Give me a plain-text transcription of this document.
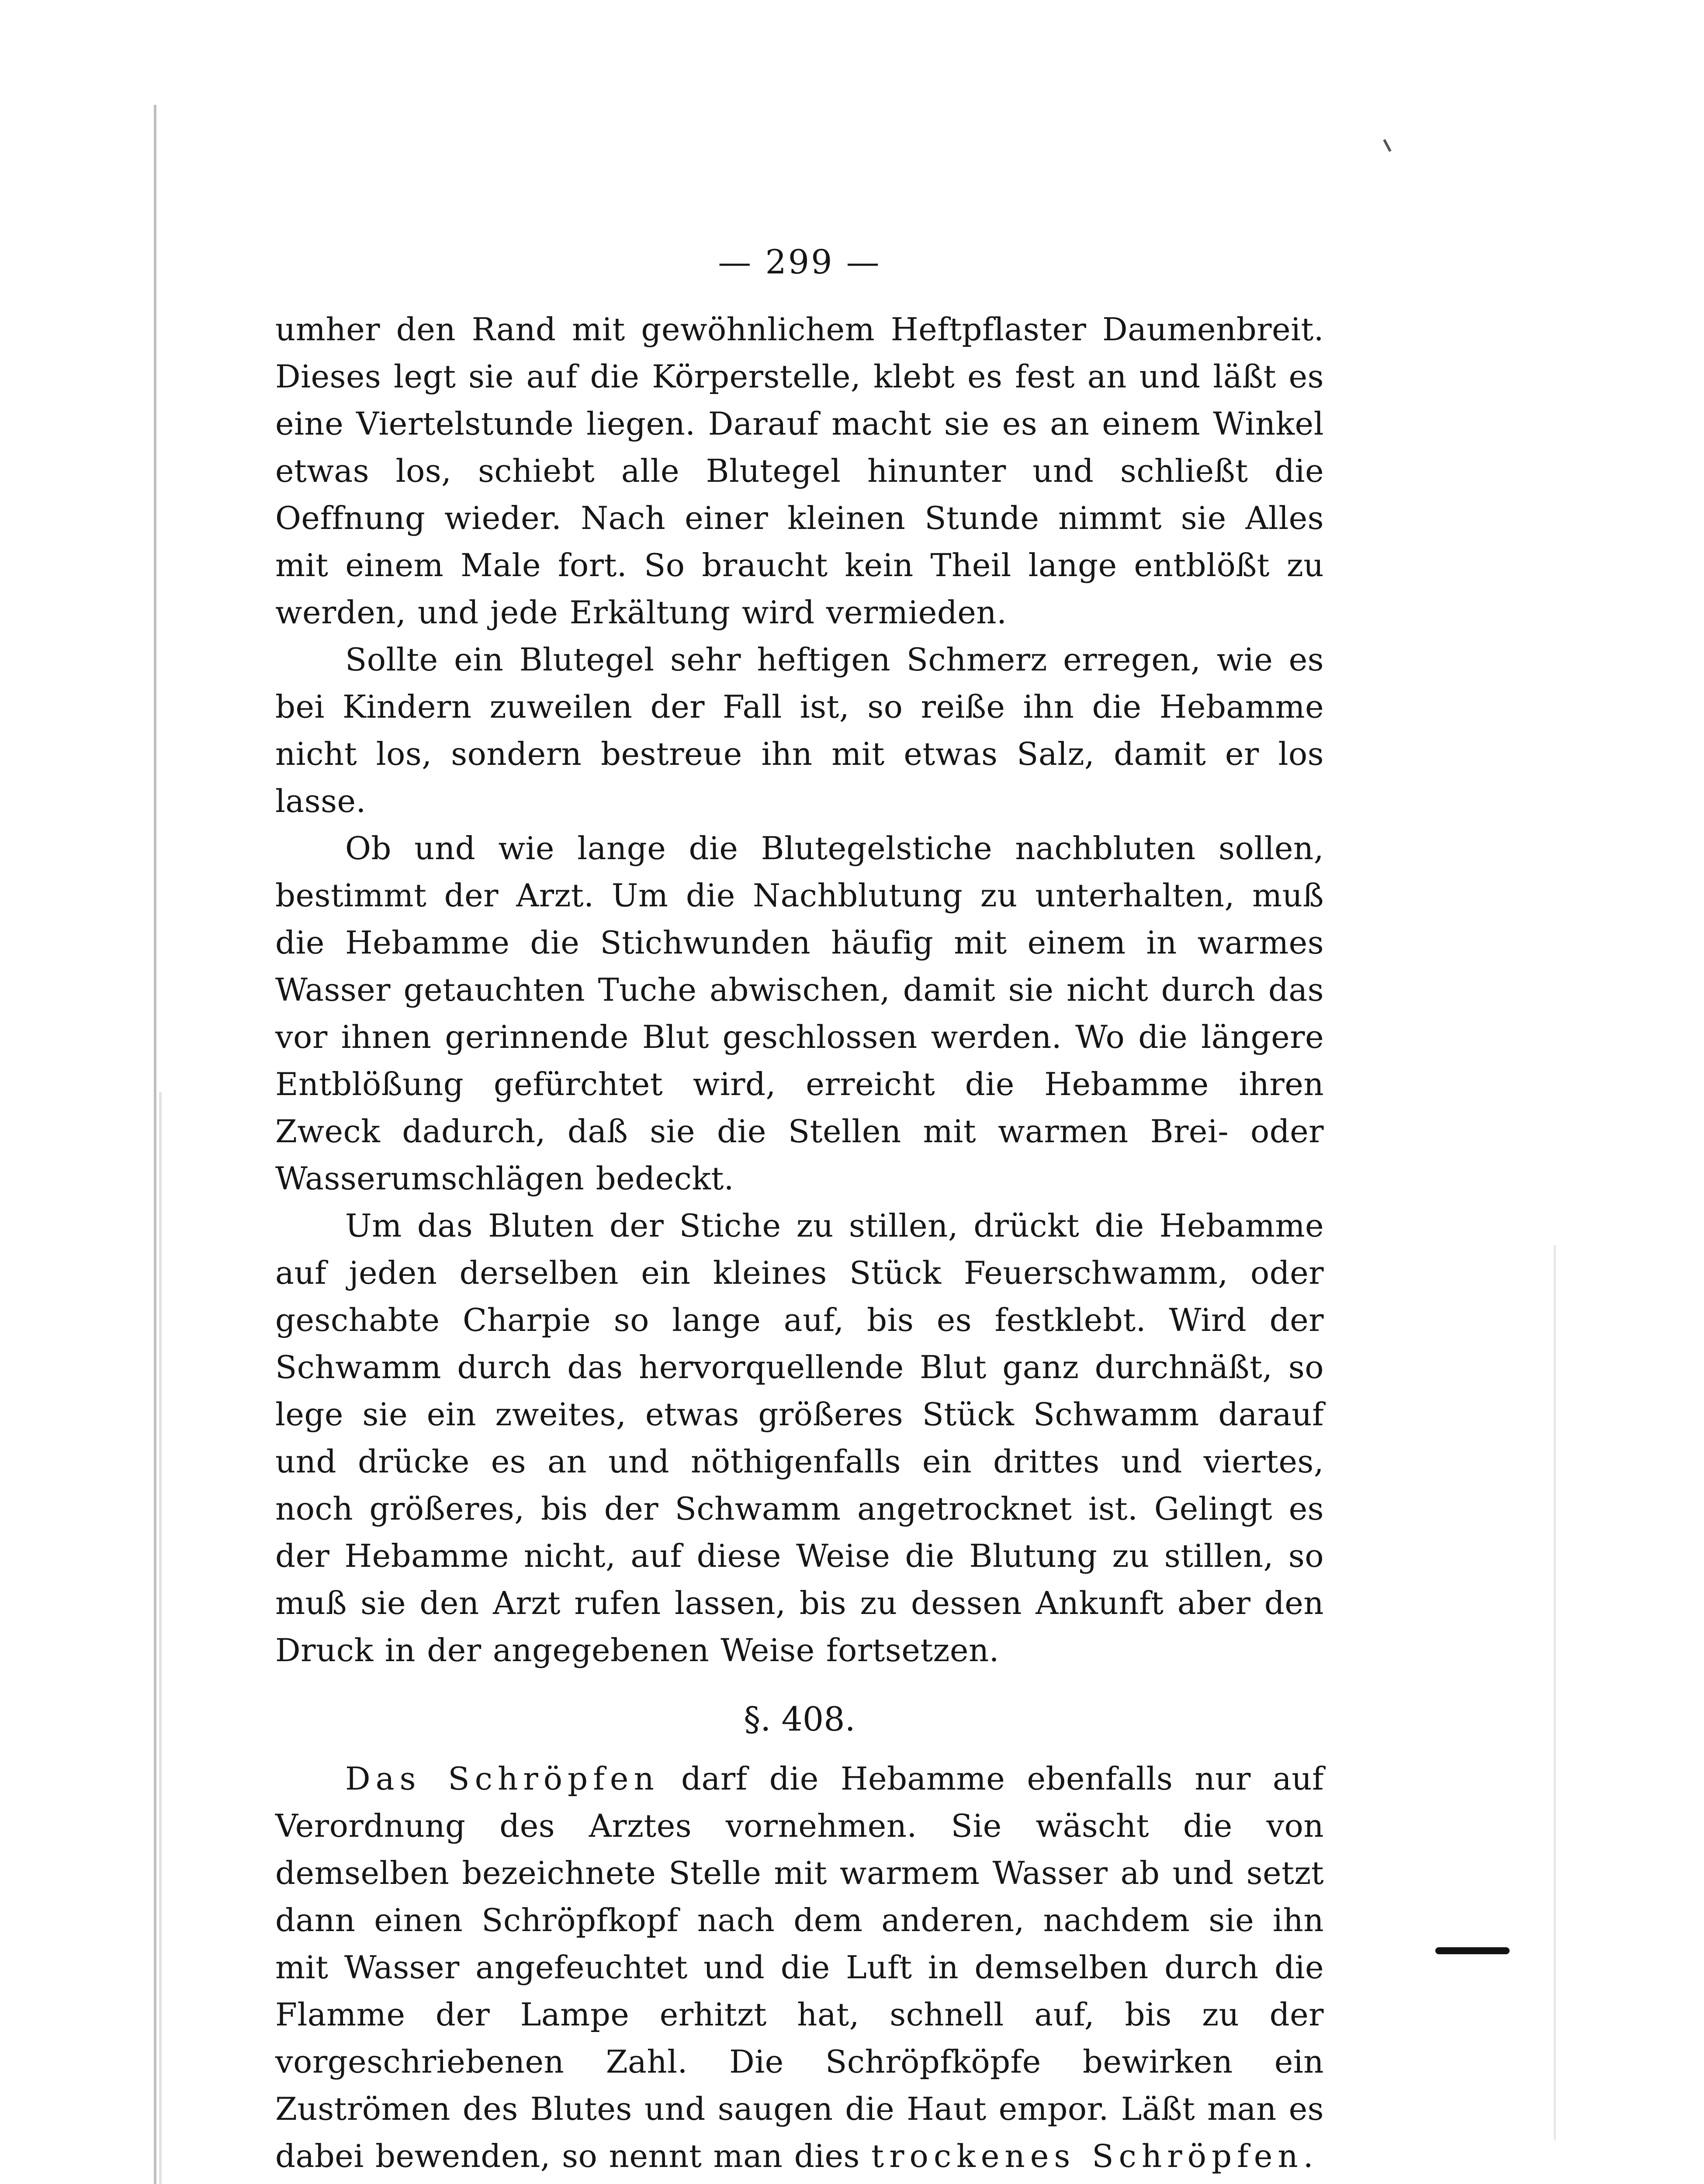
— 299 —

umher den Rand mit gewöhnlichem Heftpflaster Daumenbreit. Dieses legt sie auf die Körperstelle, klebt es fest an und läßt es eine Viertelstunde liegen. Darauf macht sie es an einem Winkel etwas los, schiebt alle Blutegel hinunter und schließt die Oeffnung wieder. Nach einer kleinen Stunde nimmt sie Alles mit einem Male fort. So braucht kein Theil lange entblößt zu werden, und jede Erkältung wird vermieden.

Sollte ein Blutegel sehr heftigen Schmerz erregen, wie es bei Kindern zuweilen der Fall ist, so reiße ihn die Hebamme nicht los, sondern bestreue ihn mit etwas Salz, damit er los lasse.

Ob und wie lange die Blutegelstiche nachbluten sollen, bestimmt der Arzt. Um die Nachblutung zu unterhalten, muß die Hebamme die Stichwunden häufig mit einem in warmes Wasser getauchten Tuche abwischen, damit sie nicht durch das vor ihnen gerinnende Blut geschlossen werden. Wo die längere Entblößung gefürchtet wird, erreicht die Hebamme ihren Zweck dadurch, daß sie die Stellen mit warmen Brei- oder Wasserumschlägen bedeckt.

Um das Bluten der Stiche zu stillen, drückt die Hebamme auf jeden derselben ein kleines Stück Feuerschwamm, oder geschabte Charpie so lange auf, bis es festklebt. Wird der Schwamm durch das hervorquellende Blut ganz durchnäßt, so lege sie ein zweites, etwas größeres Stück Schwamm darauf und drücke es an und nöthigenfalls ein drittes und viertes, noch größeres, bis der Schwamm angetrocknet ist. Gelingt es der Hebamme nicht, auf diese Weise die Blutung zu stillen, so muß sie den Arzt rufen lassen, bis zu dessen Ankunft aber den Druck in der angegebenen Weise fortsetzen.

§. 408.

Das Schröpfen darf die Hebamme ebenfalls nur auf Verordnung des Arztes vornehmen. Sie wäscht die von demselben bezeichnete Stelle mit warmem Wasser ab und setzt dann einen Schröpfkopf nach dem anderen, nachdem sie ihn mit Wasser angefeuchtet und die Luft in demselben durch die Flamme der Lampe erhitzt hat, schnell auf, bis zu der vorgeschriebenen Zahl. Die Schröpfköpfe bewirken ein Zuströmen des Blutes und saugen die Haut empor. Läßt man es dabei bewenden, so nennt man dies trockenes Schröpfen.
